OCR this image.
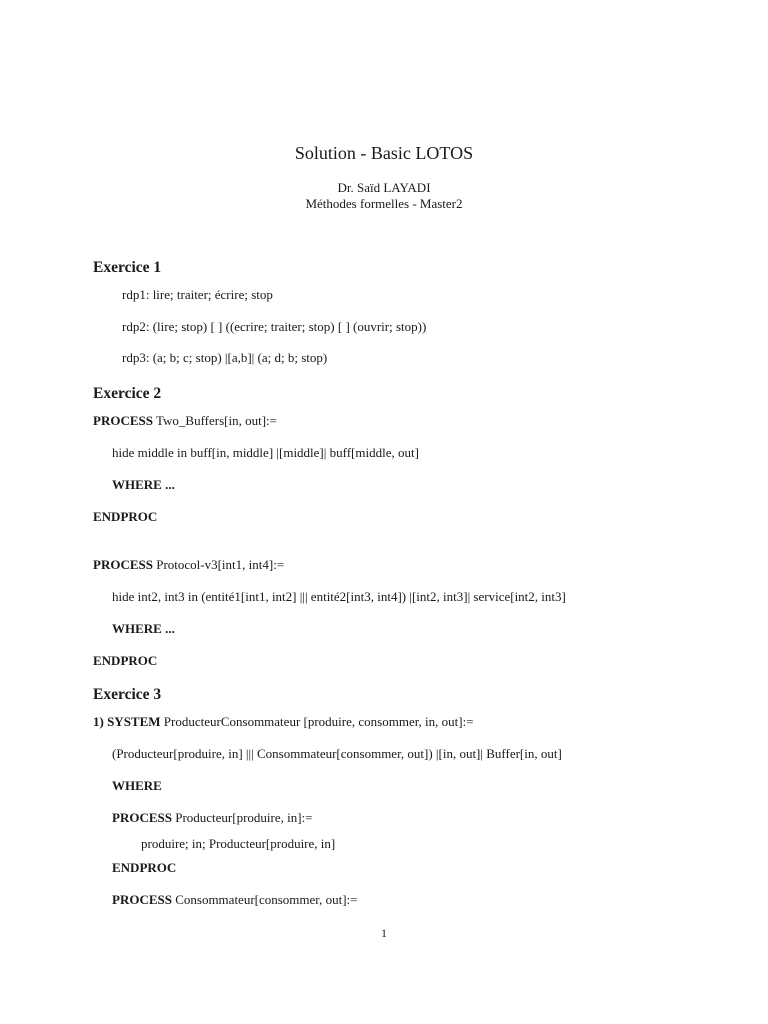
Solution - Basic LOTOS
Dr. Saïd LAYADI
Méthodes formelles - Master2
Exercice 1
rdp1: lire; traiter; écrire; stop
rdp2: (lire; stop) [ ] ((ecrire; traiter; stop) [ ] (ouvrir; stop))
rdp3: (a; b; c; stop) |[a,b]| (a; d; b; stop)
Exercice 2
PROCESS Two_Buffers[in, out]:=
hide middle in buff[in, middle] |[middle]| buff[middle, out]
WHERE ...
ENDPROC
PROCESS Protocol-v3[int1, int4]:=
hide int2, int3 in (entité1[int1, int2] ||| entité2[int3, int4]) |[int2, int3]| service[int2, int3]
WHERE ...
ENDPROC
Exercice 3
1) SYSTEM ProducteurConsommateur [produire, consommer, in, out]:=
(Producteur[produire, in] ||| Consommateur[consommer, out]) |[in, out]| Buffer[in, out]
WHERE
PROCESS Producteur[produire, in]:=
produire; in; Producteur[produire, in]
ENDPROC
PROCESS Consommateur[consommer, out]:=
1
